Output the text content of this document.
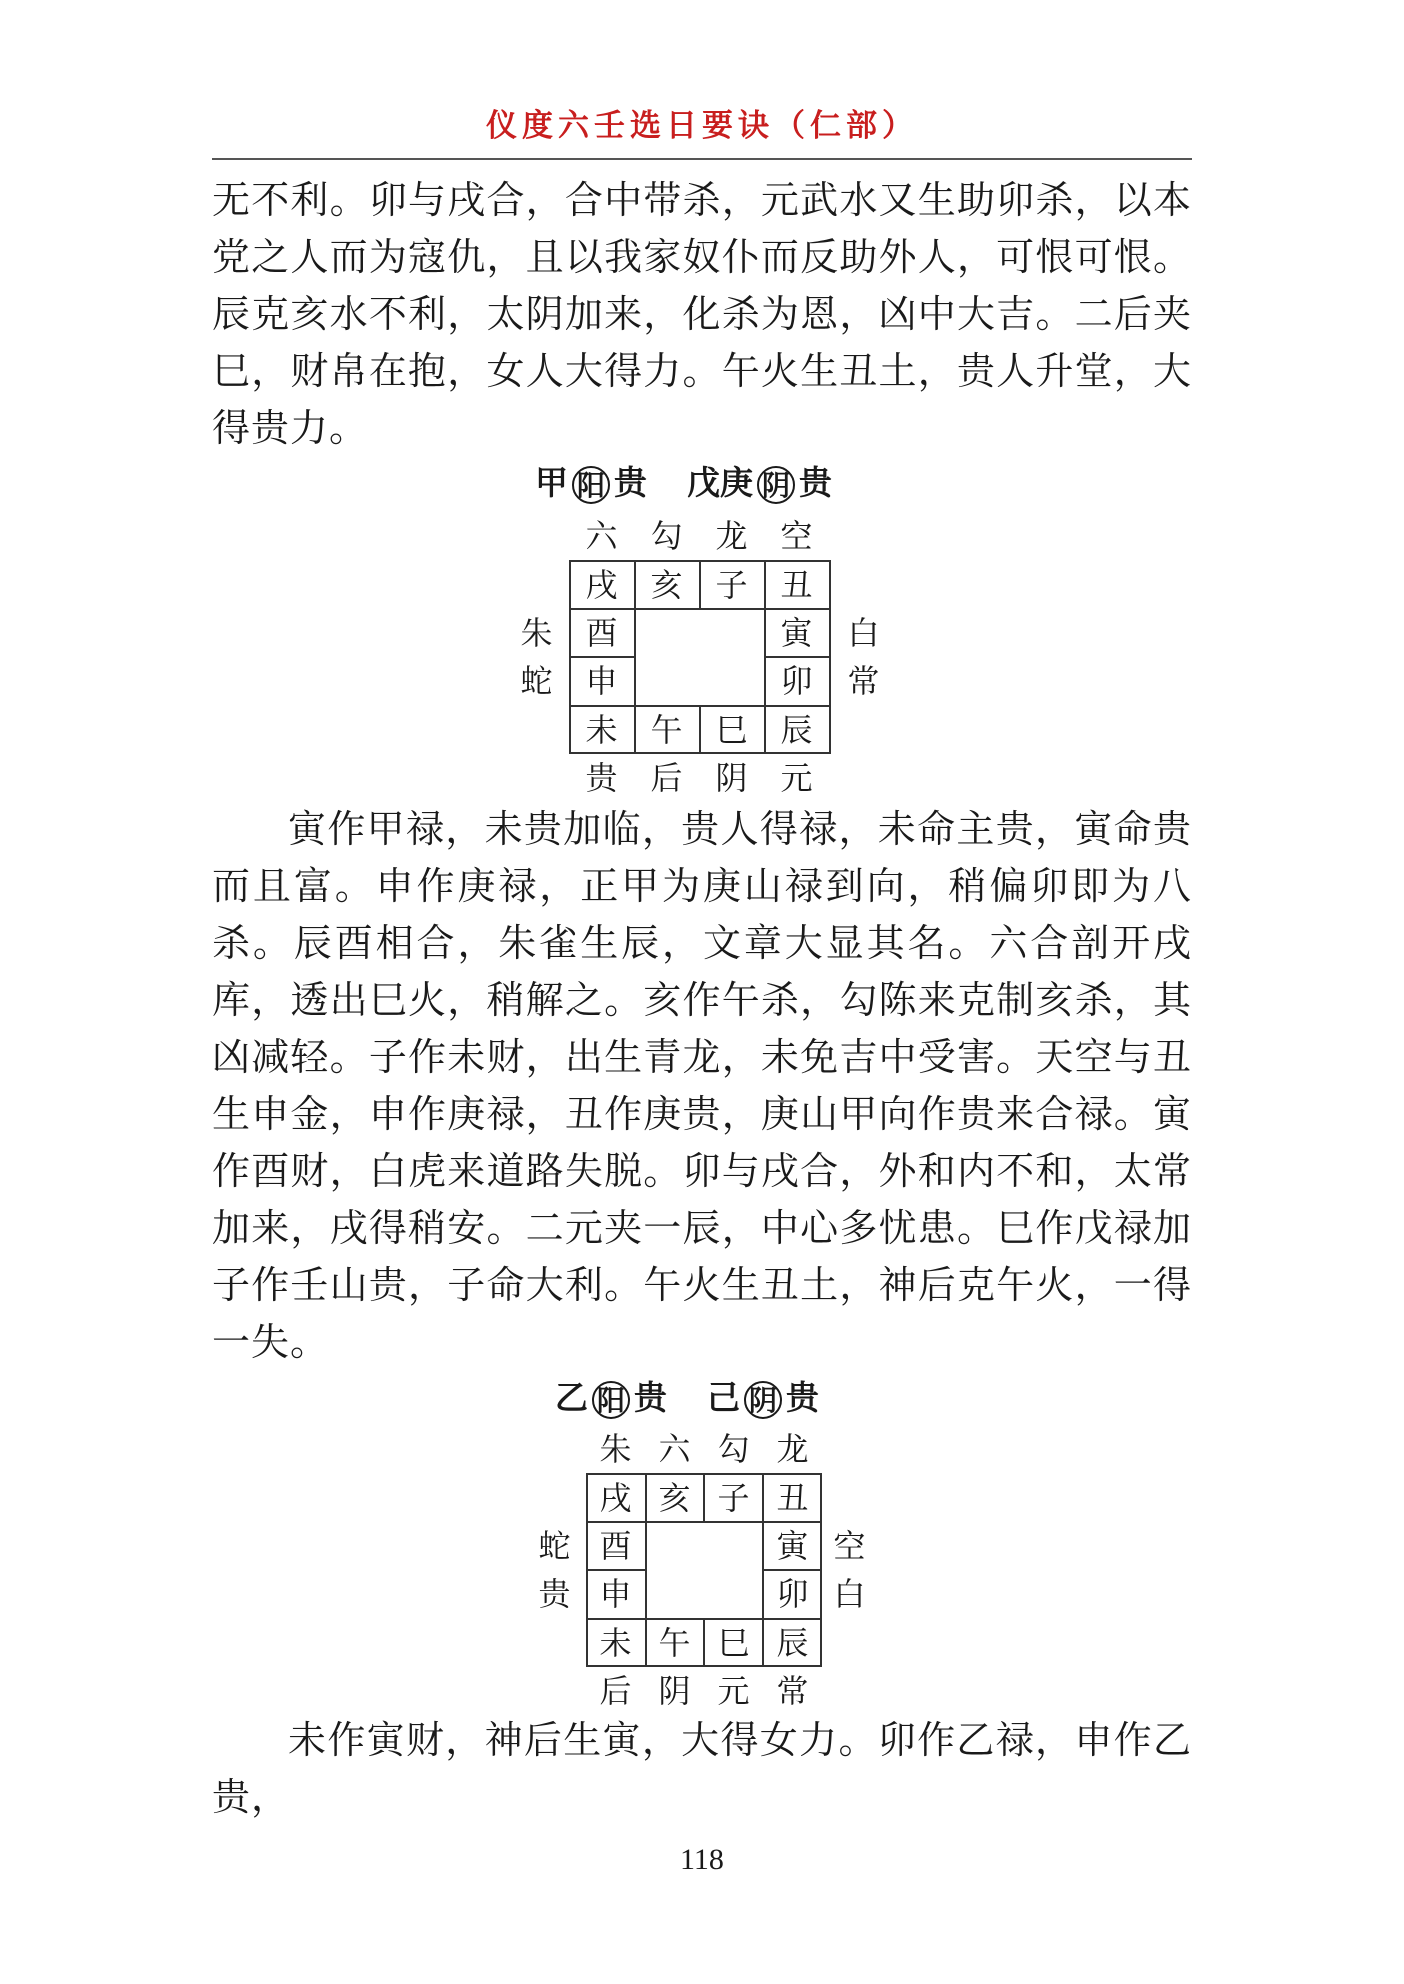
仪度六壬选日要诀（仁部）

无不利。卯与戌合，合中带杀，元武水又生助卯杀，以本党之人而为寇仇，且以我家奴仆而反助外人，可恨可恨。辰克亥水不利，太阴加来，化杀为恩，凶中大吉。二后夹巳，财帛在抱，女人大得力。午火生丑土，贵人升堂，大得贵力。

甲 阳 贵 戊庚 阴 贵
六	勾	龙	空
戌	亥	子	丑
朱	酉	寅	白
蛇	申	卯	常
未	午	巳	辰
贵	后	阴	元

寅作甲禄，未贵加临，贵人得禄，未命主贵，寅命贵而且富。申作庚禄，正甲为庚山禄到向，稍偏卯即为八杀。辰酉相合，朱雀生辰，文章大显其名。六合剖开戌库，透出巳火，稍解之。亥作午杀，勾陈来克制亥杀，其凶减轻。子作未财，出生青龙，未免吉中受害。天空与丑生申金，申作庚禄，丑作庚贵，庚山甲向作贵来合禄。寅作酉财，白虎来道路失脱。卯与戌合，外和内不和，太常加来，戌得稍安。二元夹一辰，中心多忧患。巳作戊禄加子作壬山贵，子命大利。午火生丑土，神后克午火，一得一失。

乙 阳 贵 己 阴 贵
朱 六 勾 龙
戌 亥 子 丑
蛇 酉	寅 空
贵 申	卯 白
未 午 巳 辰
后 阴 元 常

未作寅财，神后生寅，大得女力。卯作乙禄，申作乙贵，

118
